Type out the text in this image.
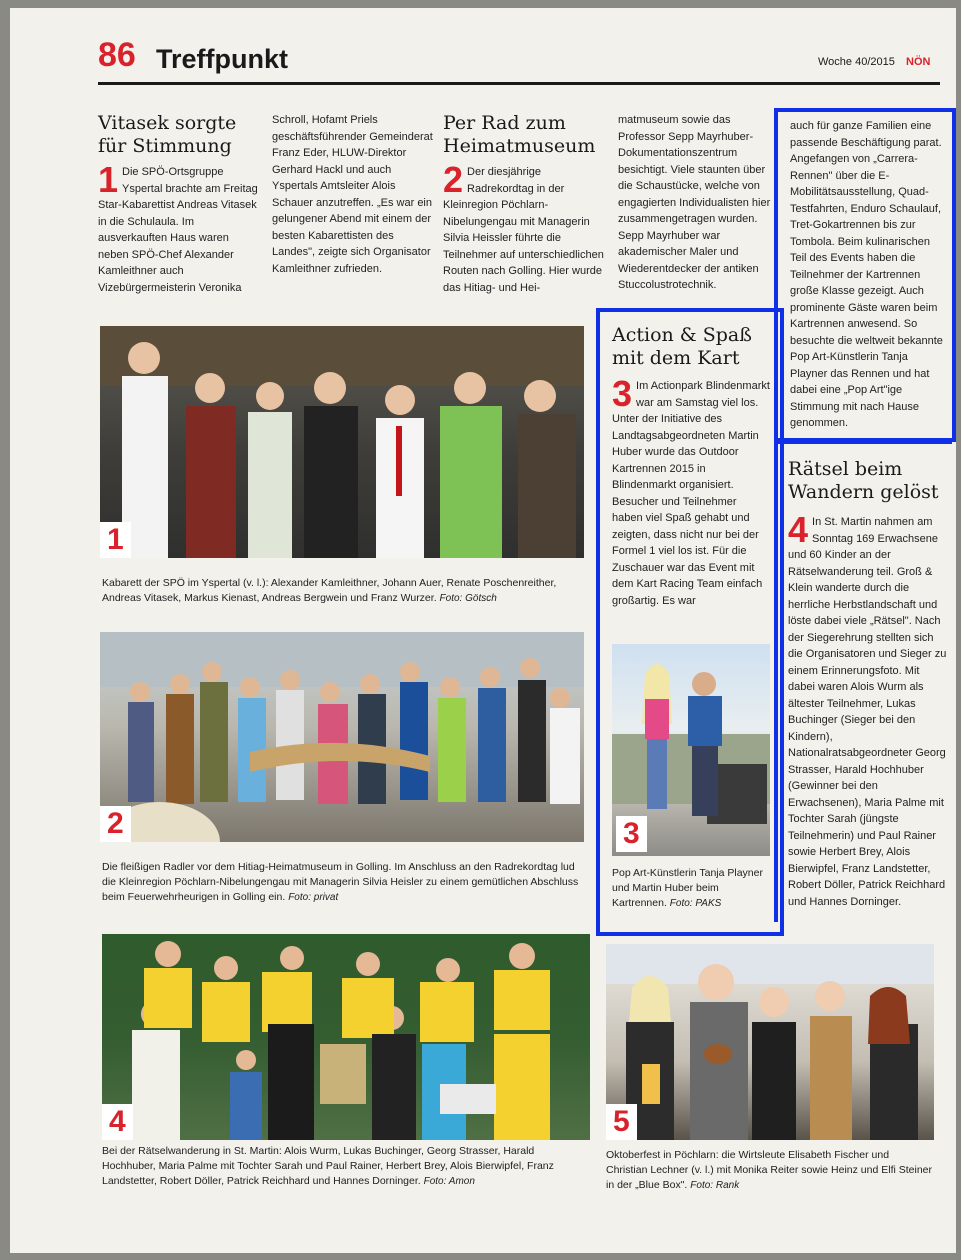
86 Treffpunkt	Woche 40/2015 NÖN
Vitasek sorgte für Stimmung
1 Die SPÖ-Ortsgruppe Yspertal brachte am Freitag Star-Kabarettist Andreas Vitasek in die Schulaula. Im ausverkauften Haus waren neben SPÖ-Chef Alexander Kamleithner auch Vizebürgermeisterin Veronika

Schroll, Hofamt Priels geschäftsführender Gemeinderat Franz Eder, HLUW-Direktor Gerhard Hackl und auch Yspertals Amtsleiter Alois Schauer anzutreffen. „Es war ein gelungener Abend mit einem der besten Kabarettisten des Landes", zeigte sich Organisator Kamleithner zufrieden.

Per Rad zum Heimatmuseum
2 Der diesjährige Radrekordtag in der Kleinregion Pöchlarn-Nibelungengau mit Managerin Silvia Heissler führte die Teilnehmer auf unterschiedlichen Routen nach Golling. Hier wurde das Hitiag- und Hei-

matmuseum sowie das Professor Sepp Mayrhuber-Dokumentationszentrum besichtigt. Viele staunten über die Schaustücke, welche von engagierten Individualisten hier zusammengetragen wurden. Sepp Mayrhuber war akademischer Maler und Wiederentdecker der antiken Stuccolustrotechnik.

auch für ganze Familien eine passende Beschäftigung parat. Angefangen von „Carrera-Rennen" über die E-Mobilitätsausstellung, Quad-Testfahrten, Enduro Schaulauf, Tret-Gokartrennen bis zur Tombola. Beim kulinarischen Teil des Events haben die Teilnehmer der Kartrennen große Klasse gezeigt. Auch prominente Gäste waren beim Kartrennen anwesend. So besuchte die weltweit bekannte Pop Art-Künstlerin Tanja Playner das Rennen und hat dabei eine „Pop Art"ige Stimmung mit nach Hause genommen.

Action & Spaß mit dem Kart
3 Im Actionpark Blindenmarkt war am Samstag viel los. Unter der Initiative des Landtagsabgeordneten Martin Huber wurde das Outdoor Kartrennen 2015 in Blindenmarkt organisiert. Besucher und Teilnehmer haben viel Spaß gehabt und zeigten, dass nicht nur bei der Formel 1 viel los ist. Für die Zuschauer war das Event mit dem Kart Racing Team einfach großartig. Es war

3

Pop Art-Künstlerin Tanja Playner und Martin Huber beim Kartrennen. Foto: PAKS

Rätsel beim Wandern gelöst
4 In St. Martin nahmen am Sonntag 169 Erwachsene und 60 Kinder an der Rätselwanderung teil. Groß & Klein wanderte durch die herrliche Herbstlandschaft und löste dabei viele „Rätsel". Nach der Siegerehrung stellten sich die Organisatoren und Sieger zu einem Erinnerungsfoto. Mit dabei waren Alois Wurm als ältester Teilnehmer, Lukas Buchinger (Sieger bei den Kindern), Nationalratsabgeordneter Georg Strasser, Harald Hochhuber (Gewinner bei den Erwachsenen), Maria Palme mit Tochter Sarah (jüngste Teilnehmerin) und Paul Rainer sowie Herbert Brey, Alois Bierwipfel, Franz Landstetter, Robert Döller, Patrick Reichhard und Hannes Dorninger.

1

Kabarett der SPÖ im Yspertal (v. l.): Alexander Kamleithner, Johann Auer, Renate Poschenreither, Andreas Vitasek, Markus Kienast, Andreas Bergwein und Franz Wurzer. Foto: Götsch

2

Die fleißigen Radler vor dem Hitiag-Heimatmuseum in Golling. Im Anschluss an den Radrekordtag lud die Kleinregion Pöchlarn-Nibelungengau mit Managerin Silvia Heisler zu einem gemütlichen Abschluss beim Feuerwehrheurigen in Golling ein. Foto: privat

4

Bei der Rätselwanderung in St. Martin: Alois Wurm, Lukas Buchinger, Georg Strasser, Harald Hochhuber, Maria Palme mit Tochter Sarah und Paul Rainer, Herbert Brey, Alois Bierwipfel, Franz Landstetter, Robert Döller, Patrick Reichhard und Hannes Dorninger. Foto: Amon

5

Oktoberfest in Pöchlarn: die Wirtsleute Elisabeth Fischer und Christian Lechner (v. l.) mit Monika Reiter sowie Heinz und Elfi Steiner in der „Blue Box". Foto: Rank
